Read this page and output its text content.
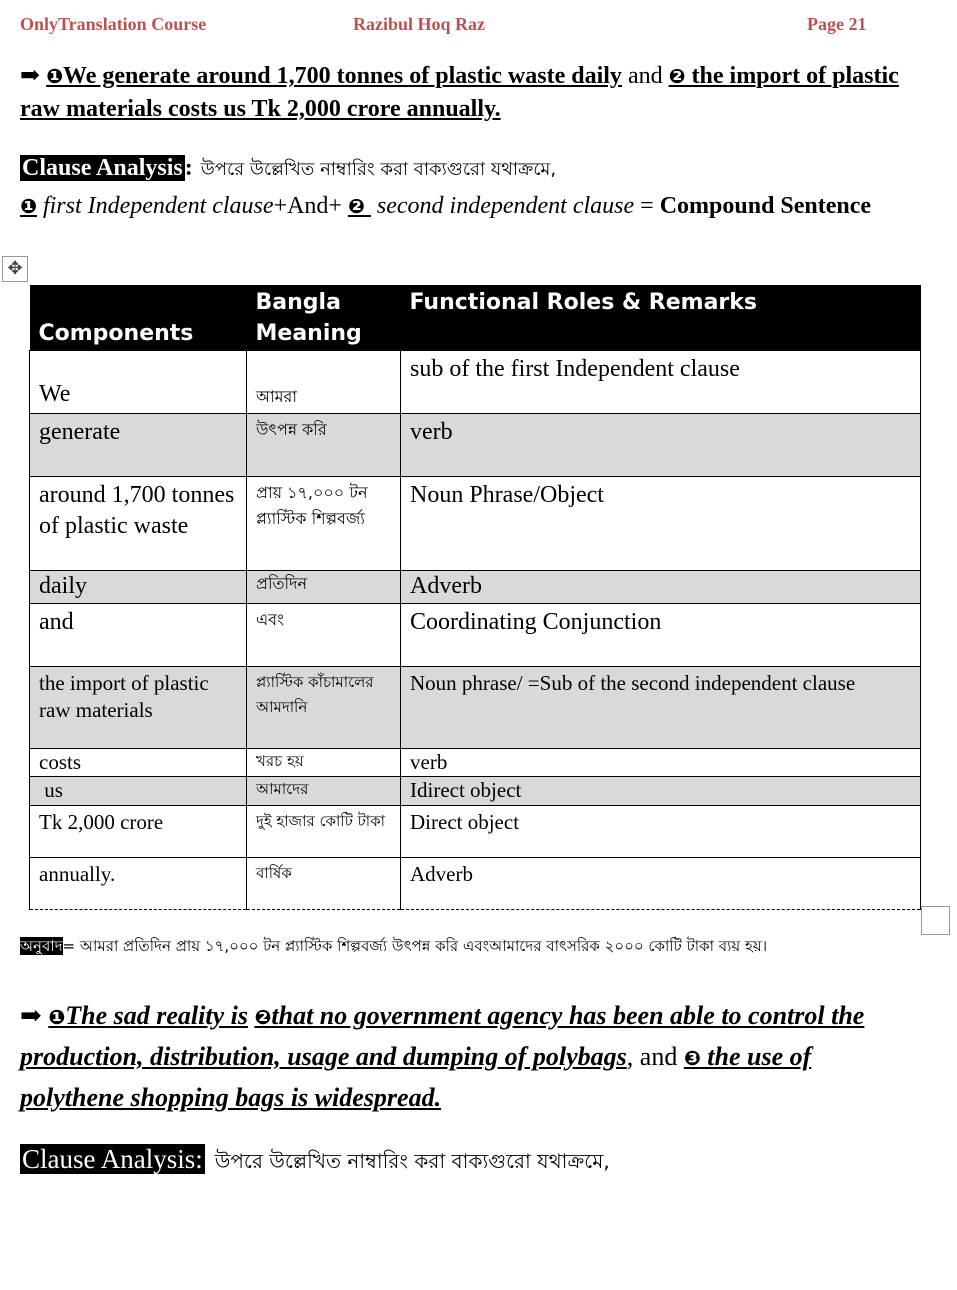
OnlyTranslation Course	Razibul Hoq Raz	Page 21
➡ ❶We generate around 1,700 tonnes of plastic waste daily and ❷ the import of plastic raw materials costs us Tk 2,000 crore annually.
Clause Analysis: উপরে উল্লেখিত নাম্বারিং করা বাক্যগুরো যথাক্রমে,
❶ first Independent clause+And+ ❷  second independent clause = Compound Sentence
✥
Components	Bangla Meaning	Functional Roles & Remarks
We	আমরা	sub of the first Independent clause
generate	উৎপন্ন করি	verb
around 1,700 tonnes of plastic waste	প্রায় ১৭,০০০ টন প্ল্যাস্টিক শিল্পবর্জ্য	Noun Phrase/Object
daily	প্রতিদিন	Adverb
and	এবং	Coordinating Conjunction
the import of plastic raw materials	প্ল্যাস্টিক কাঁচামালের আমদানি	Noun phrase/ =Sub of the second independent clause
costs	খরচ হয়	verb
us	আমাদের	Idirect object
Tk 2,000 crore	দুই হাজার কোটি টাকা	Direct object
annually.	বার্ষিক	Adverb
অনুবাদ= আমরা প্রতিদিন প্রায় ১৭,০০০ টন প্ল্যাস্টিক শিল্পবর্জ্য উৎপন্ন করি এবংআমাদের বাৎসরিক ২০০০ কোটি টাকা ব্যয় হয়।
➡ ❶The sad reality is ❷that no government agency has been able to control the production, distribution, usage and dumping of polybags, and ❸ the use of polythene shopping bags is widespread.
Clause Analysis: উপরে উল্লেখিত নাম্বারিং করা বাক্যগুরো যথাক্রমে,
